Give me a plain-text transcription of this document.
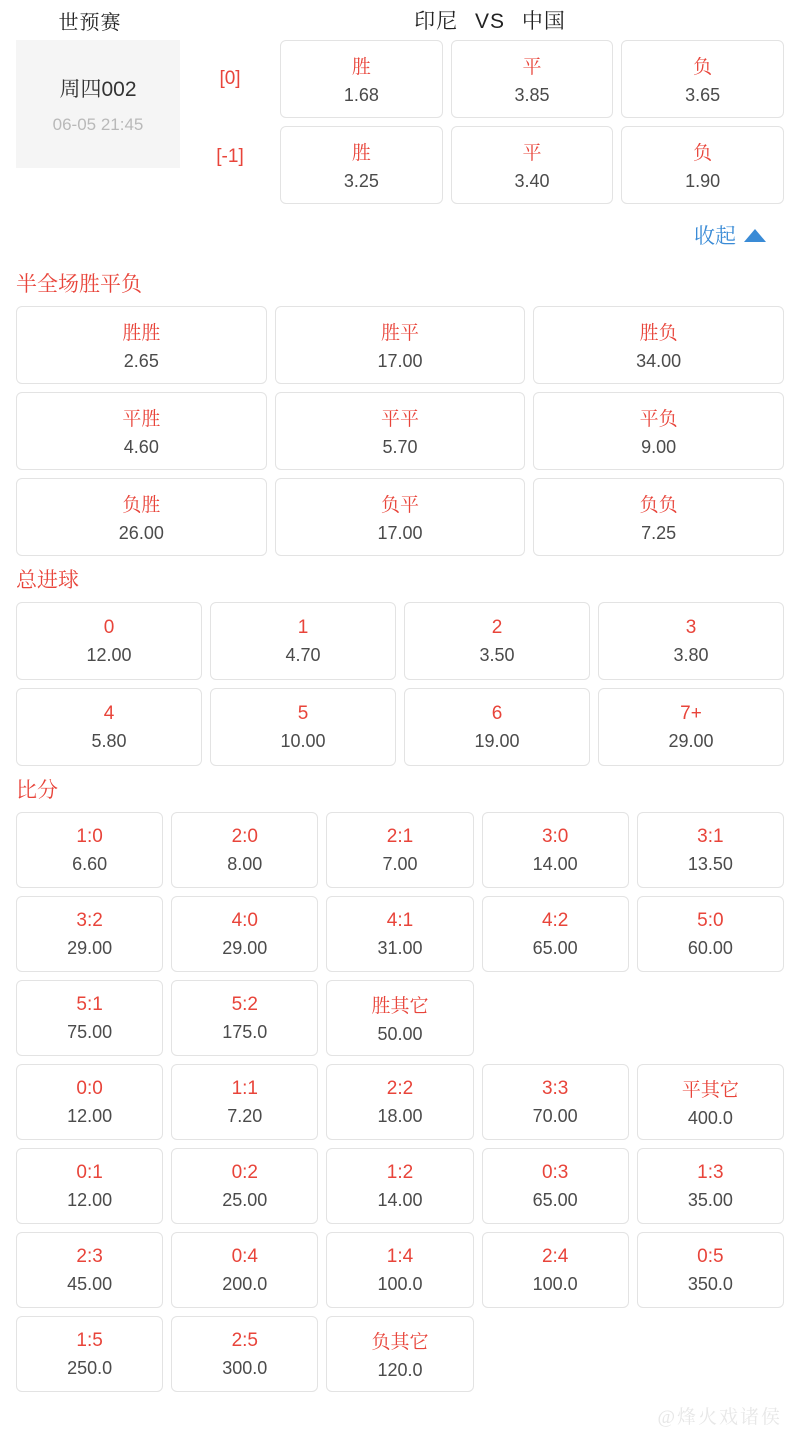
世预赛	印尼 VS 中国
周四002
06-05 21:45
[0]
[-1]
胜
1.68
平
3.85
负
3.65
胜
3.25
平
3.40
负
1.90
收起
半全场胜平负
胜胜
2.65
胜平
17.00
胜负
34.00
平胜
4.60
平平
5.70
平负
9.00
负胜
26.00
负平
17.00
负负
7.25
总进球
0
12.00
1
4.70
2
3.50
3
3.80
4
5.80
5
10.00
6
19.00
7+
29.00
比分
1:0
6.60
2:0
8.00
2:1
7.00
3:0
14.00
3:1
13.50
3:2
29.00
4:0
29.00
4:1
31.00
4:2
65.00
5:0
60.00
5:1
75.00
5:2
175.0
胜其它
50.00
0:0
12.00
1:1
7.20
2:2
18.00
3:3
70.00
平其它
400.0
0:1
12.00
0:2
25.00
1:2
14.00
0:3
65.00
1:3
35.00
2:3
45.00
0:4
200.0
1:4
100.0
2:4
100.0
0:5
350.0
1:5
250.0
2:5
300.0
负其它
120.0
@烽火戏诸侯
